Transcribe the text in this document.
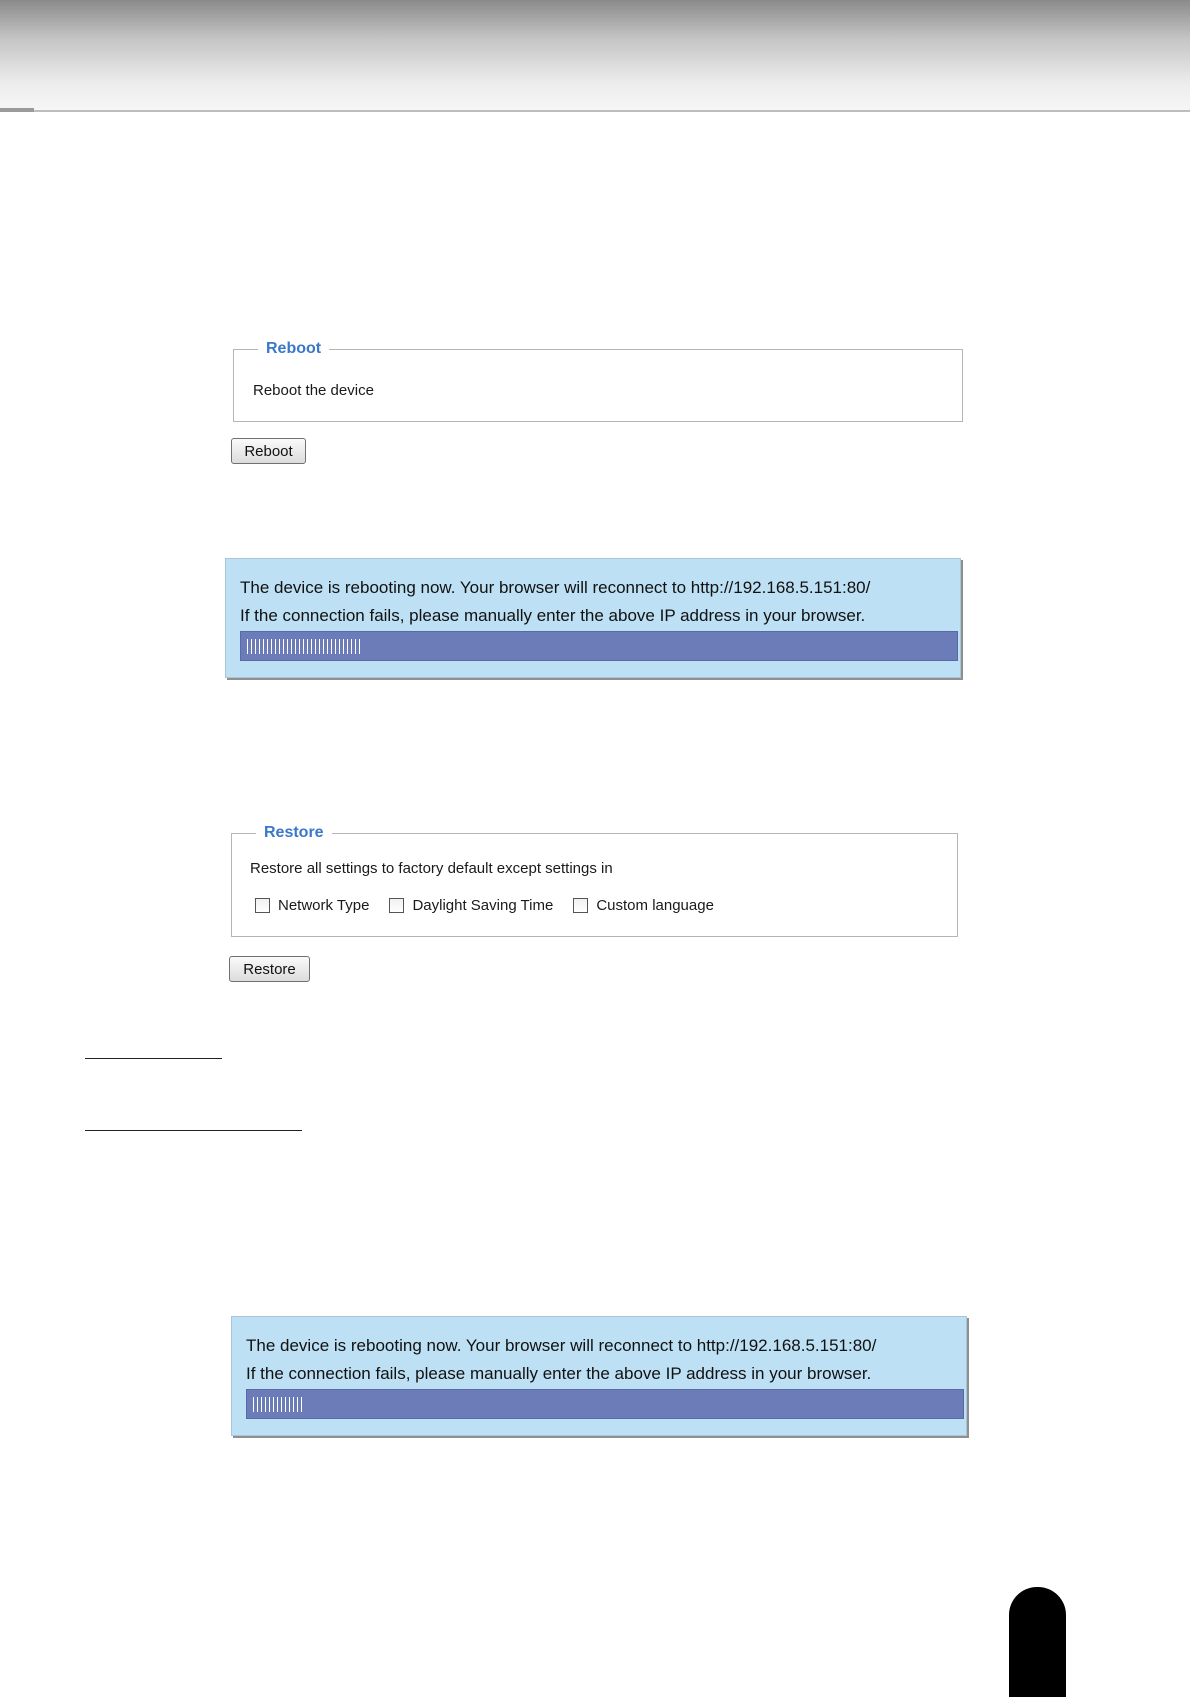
Reboot
Reboot the device
Reboot
The device is rebooting now. Your browser will reconnect to http://192.168.5.151:80/
If the connection fails, please manually enter the above IP address in your browser.
Restore
Restore all settings to factory default except settings in
Network Type	Daylight Saving Time	Custom language
Restore
The device is rebooting now. Your browser will reconnect to http://192.168.5.151:80/
If the connection fails, please manually enter the above IP address in your browser.
